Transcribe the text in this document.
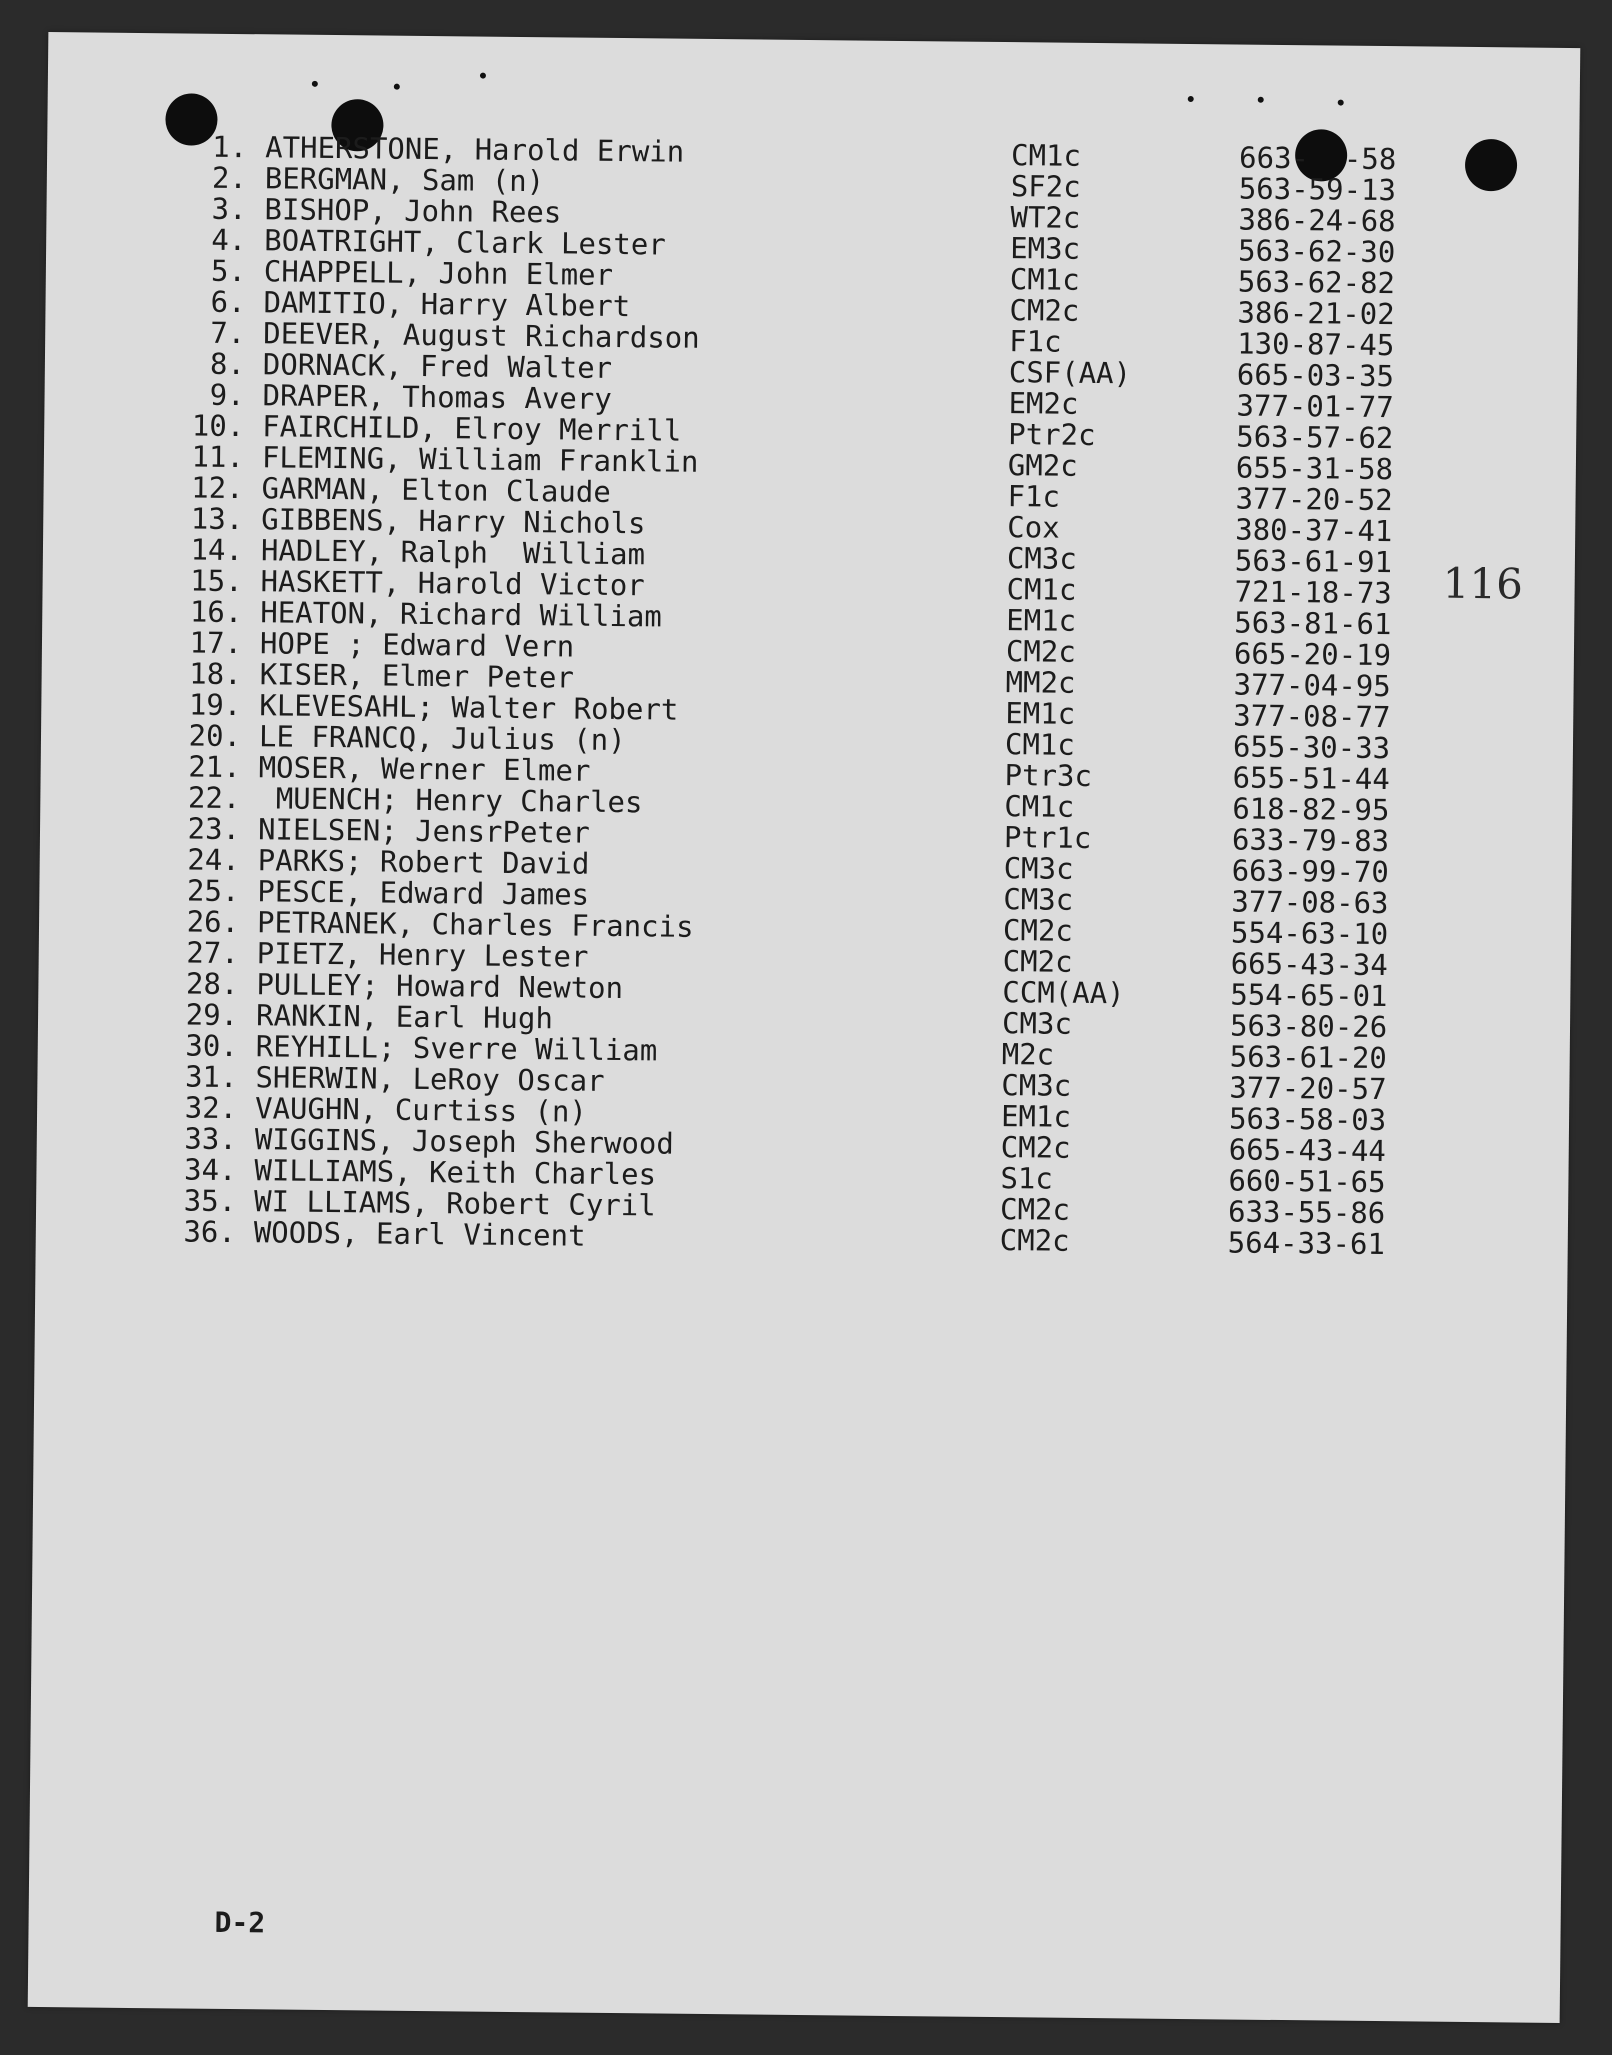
1. ATHERSTONE, Harold Erwin	CM1c	663-  -58
2. BERGMAN, Sam (n)	SF2c	563-59-13
3. BISHOP, John Rees	WT2c	386-24-68
4. BOATRIGHT, Clark Lester	EM3c	563-62-30
5. CHAPPELL, John Elmer	CM1c	563-62-82
6. DAMITIO, Harry Albert	CM2c	386-21-02
7. DEEVER, August Richardson	F1c	130-87-45
8. DORNACK, Fred Walter	CSF(AA)	665-03-35
9. DRAPER, Thomas Avery	EM2c	377-01-77
10. FAIRCHILD, Elroy Merrill	Ptr2c	563-57-62
11. FLEMING, William Franklin	GM2c	655-31-58
12. GARMAN, Elton Claude	F1c	377-20-52
13. GIBBENS, Harry Nichols	Cox	380-37-41
14. HADLEY, Ralph  William	CM3c	563-61-91
15. HASKETT, Harold Victor	CM1c	721-18-73
16. HEATON, Richard William	EM1c	563-81-61
17. HOPE ; Edward Vern	CM2c	665-20-19
18. KISER, Elmer Peter	MM2c	377-04-95
19. KLEVESAHL; Walter Robert	EM1c	377-08-77
20. LE FRANCQ, Julius (n)	CM1c	655-30-33
21. MOSER, Werner Elmer	Ptr3c	655-51-44
22. MUENCH; Henry Charles	CM1c	618-82-95
23. NIELSEN; JensrPeter	Ptr1c	633-79-83
24. PARKS; Robert David	CM3c	663-99-70
25. PESCE, Edward James	CM3c	377-08-63
26. PETRANEK, Charles Francis	CM2c	554-63-10
27. PIETZ, Henry Lester	CM2c	665-43-34
28. PULLEY; Howard Newton	CCM(AA)	554-65-01
29. RANKIN, Earl Hugh	CM3c	563-80-26
30. REYHILL; Sverre William	M2c	563-61-20
31. SHERWIN, LeRoy Oscar	CM3c	377-20-57
32. VAUGHN, Curtiss (n)	EM1c	563-58-03
33. WIGGINS, Joseph Sherwood	CM2c	665-43-44
34. WILLIAMS, Keith Charles	S1c	660-51-65
35. WI LLIAMS, Robert Cyril	CM2c	633-55-86
36. WOODS, Earl Vincent	CM2c	564-33-61
116
D-2
